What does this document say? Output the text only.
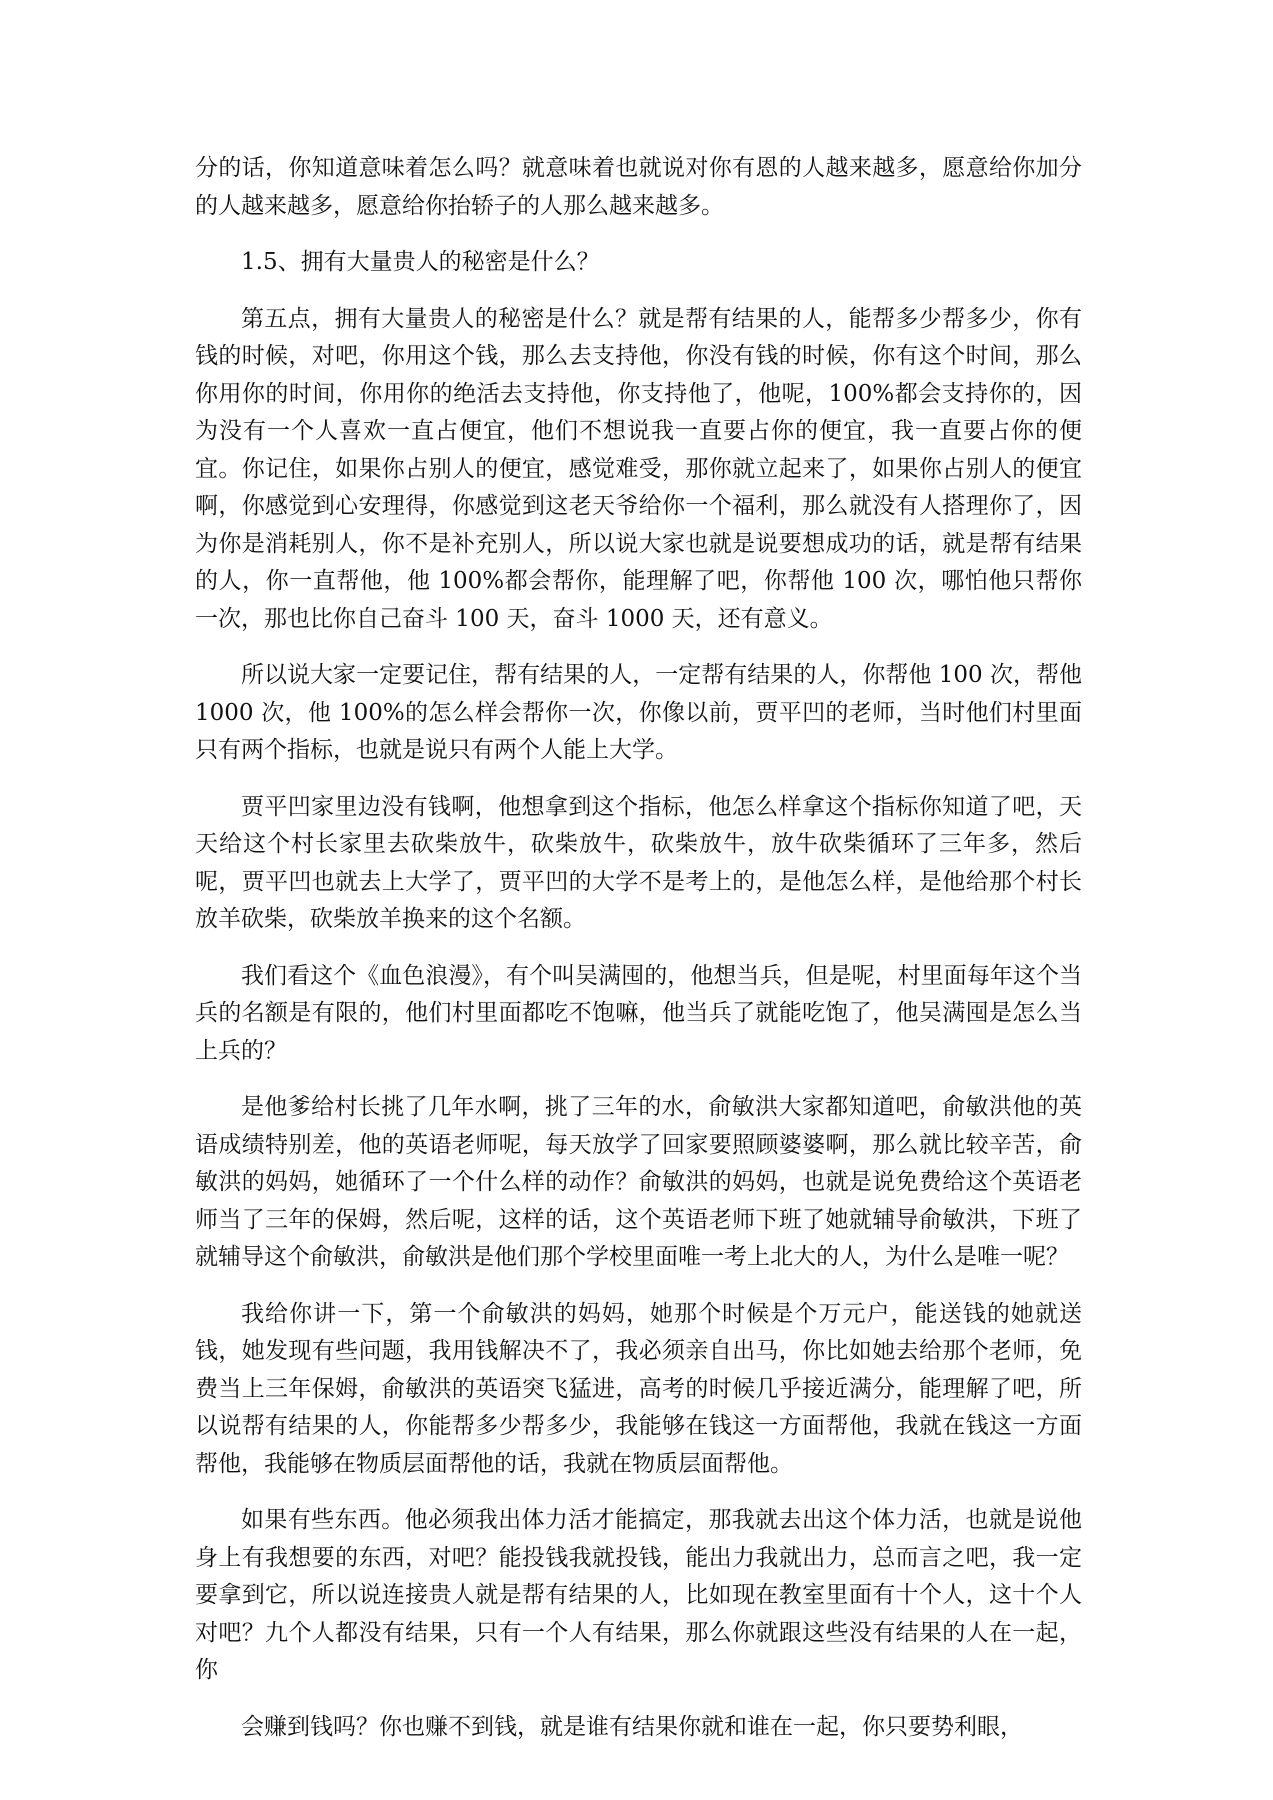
分的话，你知道意味着怎么吗？就意味着也就说对你有恩的人越来越多，愿意给你加分的人越来越多，愿意给你抬轿子的人那么越来越多。

1.5、拥有大量贵人的秘密是什么？

第五点，拥有大量贵人的秘密是什么？就是帮有结果的人，能帮多少帮多少，你有钱的时候，对吧，你用这个钱，那么去支持他，你没有钱的时候，你有这个时间，那么你用你的时间，你用你的绝活去支持他，你支持他了，他呢，100%都会支持你的，因为没有一个人喜欢一直占便宜，他们不想说我一直要占你的便宜，我一直要占你的便宜。你记住，如果你占别人的便宜，感觉难受，那你就立起来了，如果你占别人的便宜啊，你感觉到心安理得，你感觉到这老天爷给你一个福利，那么就没有人搭理你了，因为你是消耗别人，你不是补充别人，所以说大家也就是说要想成功的话，就是帮有结果的人，你一直帮他，他 100%都会帮你，能理解了吧，你帮他 100 次，哪怕他只帮你一次，那也比你自己奋斗 100 天，奋斗 1000 天，还有意义。

所以说大家一定要记住，帮有结果的人，一定帮有结果的人，你帮他 100 次，帮他 1000 次，他 100%的怎么样会帮你一次，你像以前，贾平凹的老师，当时他们村里面只有两个指标，也就是说只有两个人能上大学。

贾平凹家里边没有钱啊，他想拿到这个指标，他怎么样拿这个指标你知道了吧，天天给这个村长家里去砍柴放牛，砍柴放牛，砍柴放牛，放牛砍柴循环了三年多，然后呢，贾平凹也就去上大学了，贾平凹的大学不是考上的，是他怎么样，是他给那个村长放羊砍柴，砍柴放羊换来的这个名额。

我们看这个《血色浪漫》，有个叫吴满囤的，他想当兵，但是呢，村里面每年这个当兵的名额是有限的，他们村里面都吃不饱嘛，他当兵了就能吃饱了，他吴满囤是怎么当上兵的？

是他爹给村长挑了几年水啊，挑了三年的水，俞敏洪大家都知道吧，俞敏洪他的英语成绩特别差，他的英语老师呢，每天放学了回家要照顾婆婆啊，那么就比较辛苦，俞敏洪的妈妈，她循环了一个什么样的动作？俞敏洪的妈妈，也就是说免费给这个英语老师当了三年的保姆，然后呢，这样的话，这个英语老师下班了她就辅导俞敏洪，下班了就辅导这个俞敏洪，俞敏洪是他们那个学校里面唯一考上北大的人，为什么是唯一呢？

我给你讲一下，第一个俞敏洪的妈妈，她那个时候是个万元户，能送钱的她就送钱，她发现有些问题，我用钱解决不了，我必须亲自出马，你比如她去给那个老师，免费当上三年保姆，俞敏洪的英语突飞猛进，高考的时候几乎接近满分，能理解了吧，所以说帮有结果的人，你能帮多少帮多少，我能够在钱这一方面帮他，我就在钱这一方面帮他，我能够在物质层面帮他的话，我就在物质层面帮他。

如果有些东西。他必须我出体力活才能搞定，那我就去出这个体力活，也就是说他身上有我想要的东西，对吧？能投钱我就投钱，能出力我就出力，总而言之吧，我一定要拿到它，所以说连接贵人就是帮有结果的人，比如现在教室里面有十个人，这十个人对吧？九个人都没有结果，只有一个人有结果，那么你就跟这些没有结果的人在一起，你

会赚到钱吗？你也赚不到钱，就是谁有结果你就和谁在一起，你只要势利眼，
